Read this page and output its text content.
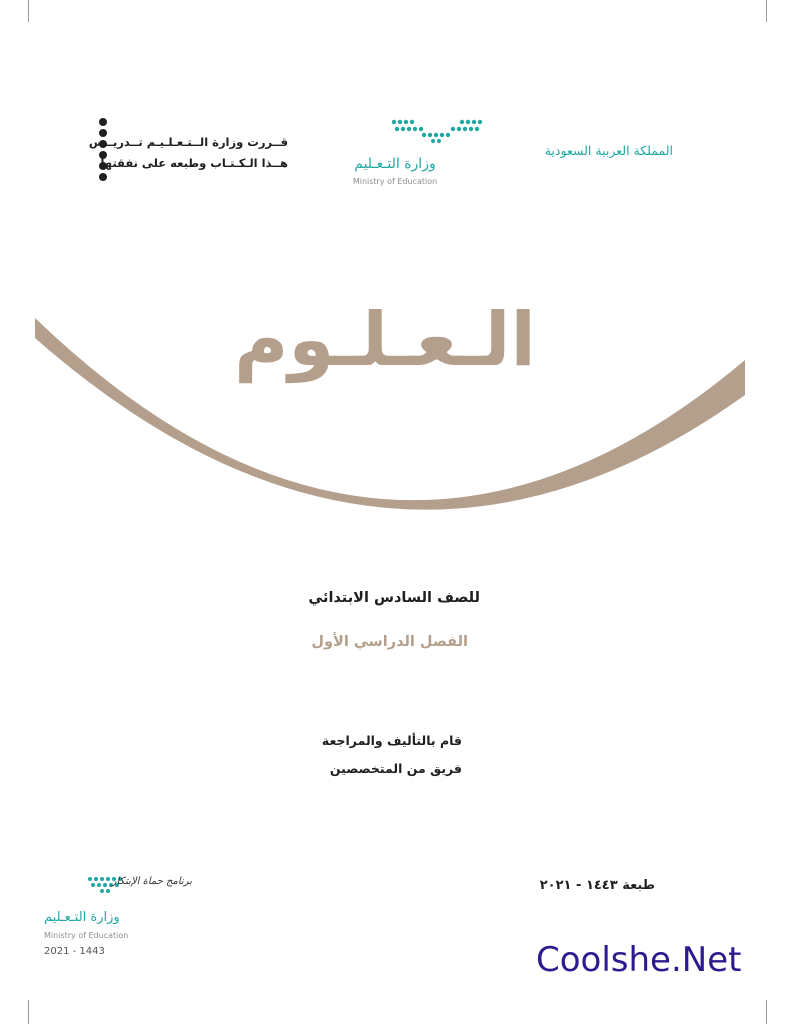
قــررت وزارة الــتـعـلـيـم تــدريــس
هــذا الـكـتـاب وطبعه على نفقتها	وزارة التـعـليم
Ministry of Education
المملكة العربية السعودية
الـعـلـوم
للصف السادس الابتدائي
الفصل الدراسي الأول
قام بالتأليف والمراجعة
فريق من المتخصصين
طبعة ١٤٤٣ - ٢٠٢١
برنامج حماة الإبتكار
وزارة التـعـليم
Ministry of Education
2021 - 1443	Coolshe.Net
